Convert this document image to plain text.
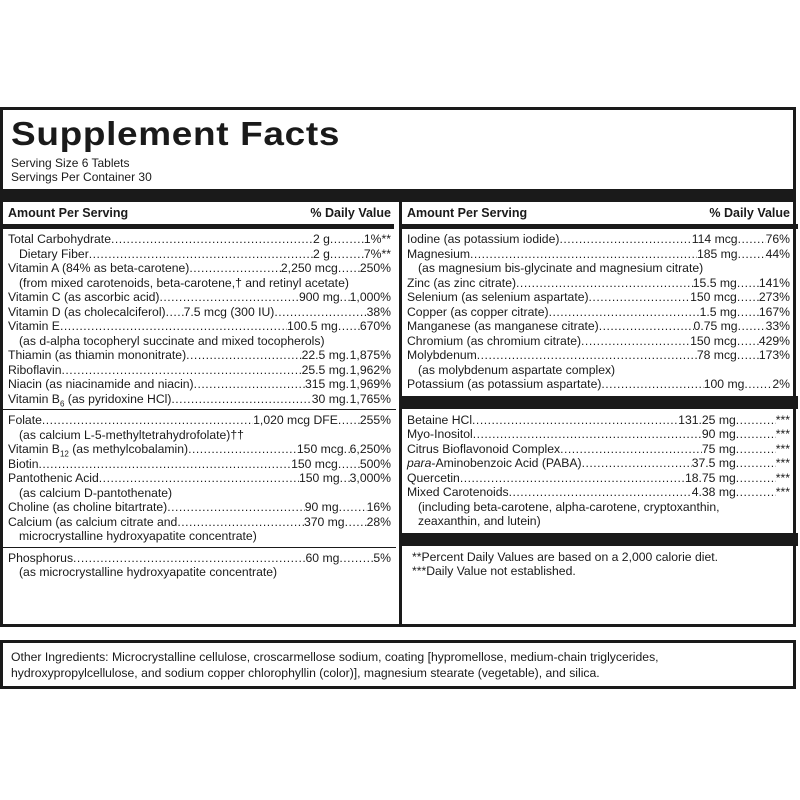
Supplement Facts
Serving Size 6 Tablets
Servings Per Container 30
Amount Per Serving	% Daily Value
Total Carbohydrate .....	2 g .....	1%**
Dietary Fiber .....	2 g .....	7%**
Vitamin A (84% as beta-carotene) .....	2,250 mcg ..... 250%
(from mixed carotenoids, beta-carotene,† and retinyl acetate)
Vitamin C (as ascorbic acid) .....	900 mg ..... 1,000%
Vitamin D (as cholecalciferol) ..... 7.5 mcg (300 IU) .....	38%
Vitamin E .....	100.5 mg ..... 670%
(as d-alpha tocopheryl succinate and mixed tocopherols)
Thiamin (as thiamin mononitrate) .....	22.5 mg ..... 1,875%
Riboflavin .....	25.5 mg ..... 1,962%
Niacin (as niacinamide and niacin) .....	315 mg ..... 1,969%
Vitamin $B_6$ (as pyridoxine HCl) .....	30 mg ..... 1,765%
Folate .....	1,020 mcg DFE ..... 255%
(as calcium L-5-methyltetrahydrofolate)††
Vitamin $B_{12}$ (as methylcobalamin) .....	150 mcg ..... 6,250%
Biotin .....	150 mcg ..... 500%
Pantothenic Acid .....	150 mg ..... 3,000%
(as calcium D-pantothenate)
Choline (as choline bitartrate) .....	90 mg ..... 16%
Calcium (as calcium citrate and .....	370 mg ..... 28%
microcrystalline hydroxyapatite concentrate)
Phosphorus .....	60 mg .....	5%
(as microcrystalline hydroxyapatite concentrate)
Amount Per Serving	% Daily Value
Iodine (as potassium iodide) .....	114 mcg ..... 76%
Magnesium .....	185 mg ..... 44%
(as magnesium bis-glycinate and magnesium citrate)
Zinc (as zinc citrate) .....	15.5 mg ..... 141%
Selenium (as selenium aspartate) .....	150 mcg ..... 273%
Copper (as copper citrate) .....	1.5 mg ..... 167%
Manganese (as manganese citrate) .....	0.75 mg ..... 33%
Chromium (as chromium citrate) .....	150 mcg ..... 429%
Molybdenum .....	78 mcg ..... 173%
(as molybdenum aspartate complex)
Potassium (as potassium aspartate) .....	100 mg ..... 2%
Betaine HCl .....	131.25 mg .....	***
Myo-Inositol .....	90 mg .....	***
Citrus Bioflavonoid Complex .....	75 mg .....	***
para-Aminobenzoic Acid (PABA) .....	37.5 mg .....	***
Quercetin .....	18.75 mg .....	***
Mixed Carotenoids .....	4.38 mg .....	***
(including beta-carotene, alpha-carotene, cryptoxanthin,
zeaxanthin, and lutein)
**Percent Daily Values are based on a 2,000 calorie diet.
***Daily Value not established.
Other Ingredients: Microcrystalline cellulose, croscarmellose sodium, coating [hypromellose, medium-chain triglycerides, hydroxypropylcellulose, and sodium copper chlorophyllin (color)], magnesium stearate (vegetable), and silica.
